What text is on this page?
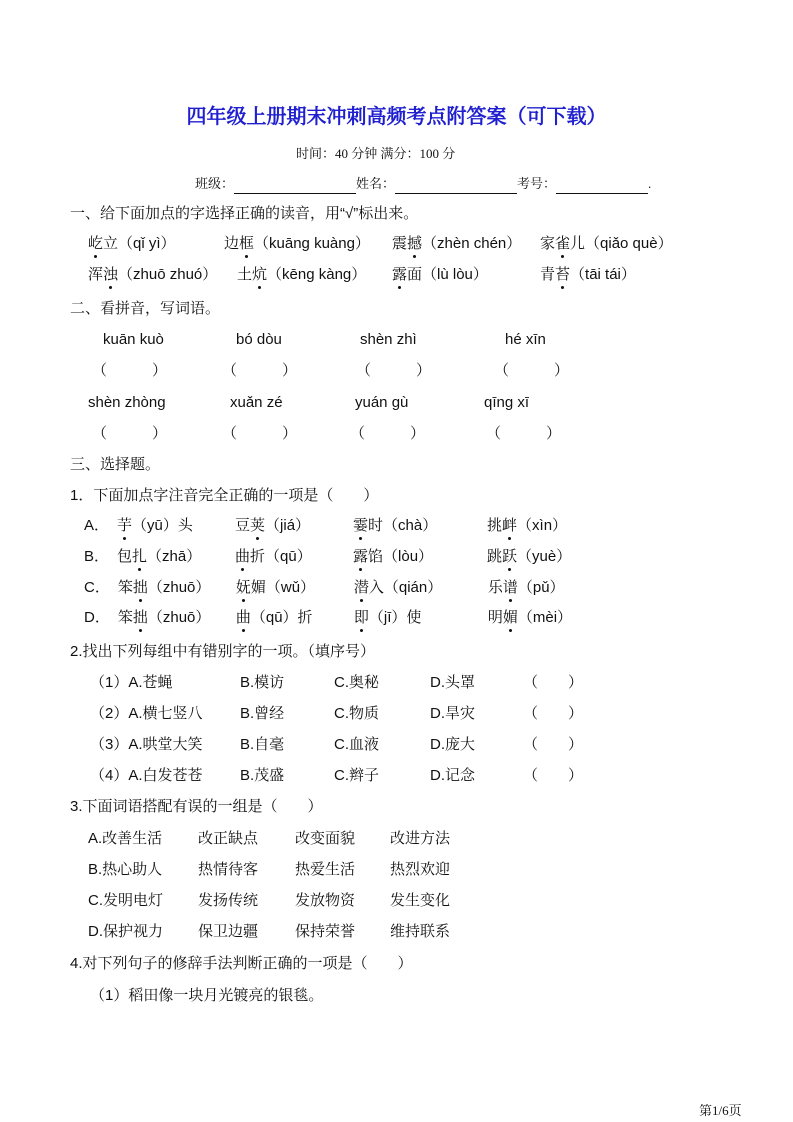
四年级上册期末冲刺高频考点附答案（可下载）
时间：40 分钟 满分：100 分
班级：	姓名：	考号：	.
一、给下面加点的字选择正确的读音，用“√”标出来。
屹立（qǐ yì）	边框（kuāng kuàng）	震撼（zhèn chén）	家雀儿（qiǎo què）
浑浊（zhuō zhuó）	土炕（kēng kàng）	露面（lù lòu）	青苔（tāi tái）
二、看拼音，写词语。
kuān kuò
（　　　）
bó dòu
（　　　）
shèn zhì
（　　　）
hé xīn
（　　　）
shèn zhòng
（　　　）
xuǎn zé
（　　　）
yuán gù
（　　　）
qīng xī
（　　　）
三、选择题。
1．下面加点字注音完全正确的一项是（　　）
A． 芋（yū）头	豆荚（jiá）	霎时（chà）	挑衅（xìn）
B． 包扎（zhā）	曲折（qū）	露馅（lòu）	跳跃（yuè）
C． 笨拙（zhuō）	妩媚（wǔ）	潜入（qián）	乐谱（pǔ）
D． 笨拙（zhuō）	曲（qū）折	即（jī）使	明媚（mèi）
2.找出下列每组中有错别字的一项。（填序号）
（1）A.苍蝇	B.模访	C.奥秘	D.头罩	（　　）
（2）A.横七竖八	B.曾经	C.物质	D.旱灾	（　　）
（3）A.哄堂大笑	B.自毫	C.血液	D.庞大	（　　）
（4）A.白发苍苍	B.茂盛	C.辫子	D.记念	（　　）
3.下面词语搭配有误的一组是（　　）
A.改善生活	改正缺点	改变面貌	改进方法
B.热心助人	热情待客	热爱生活	热烈欢迎
C.发明电灯	发扬传统	发放物资	发生变化
D.保护视力	保卫边疆	保持荣誉	维持联系
4.对下列句子的修辞手法判断正确的一项是（　　）
（1）稻田像一块月光镀亮的银毯。
第1/6页
